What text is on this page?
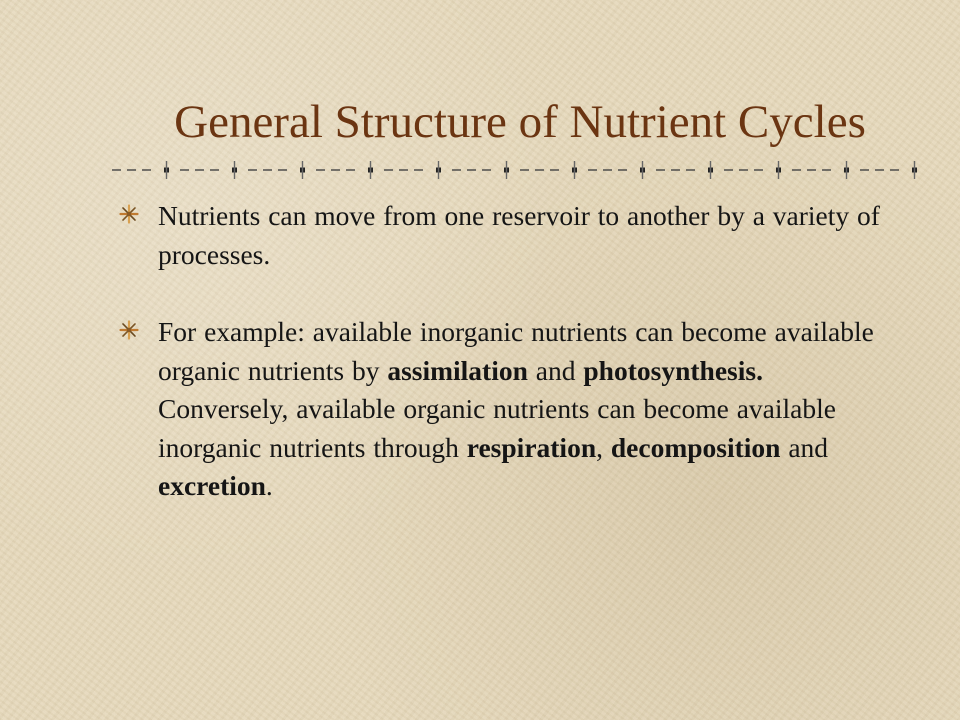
General Structure of Nutrient Cycles
Nutrients can move from one reservoir to another by a variety of processes.
For example: available inorganic nutrients can become available organic nutrients by assimilation and photosynthesis. Conversely, available organic nutrients can become available inorganic nutrients through respiration, decomposition and excretion.
